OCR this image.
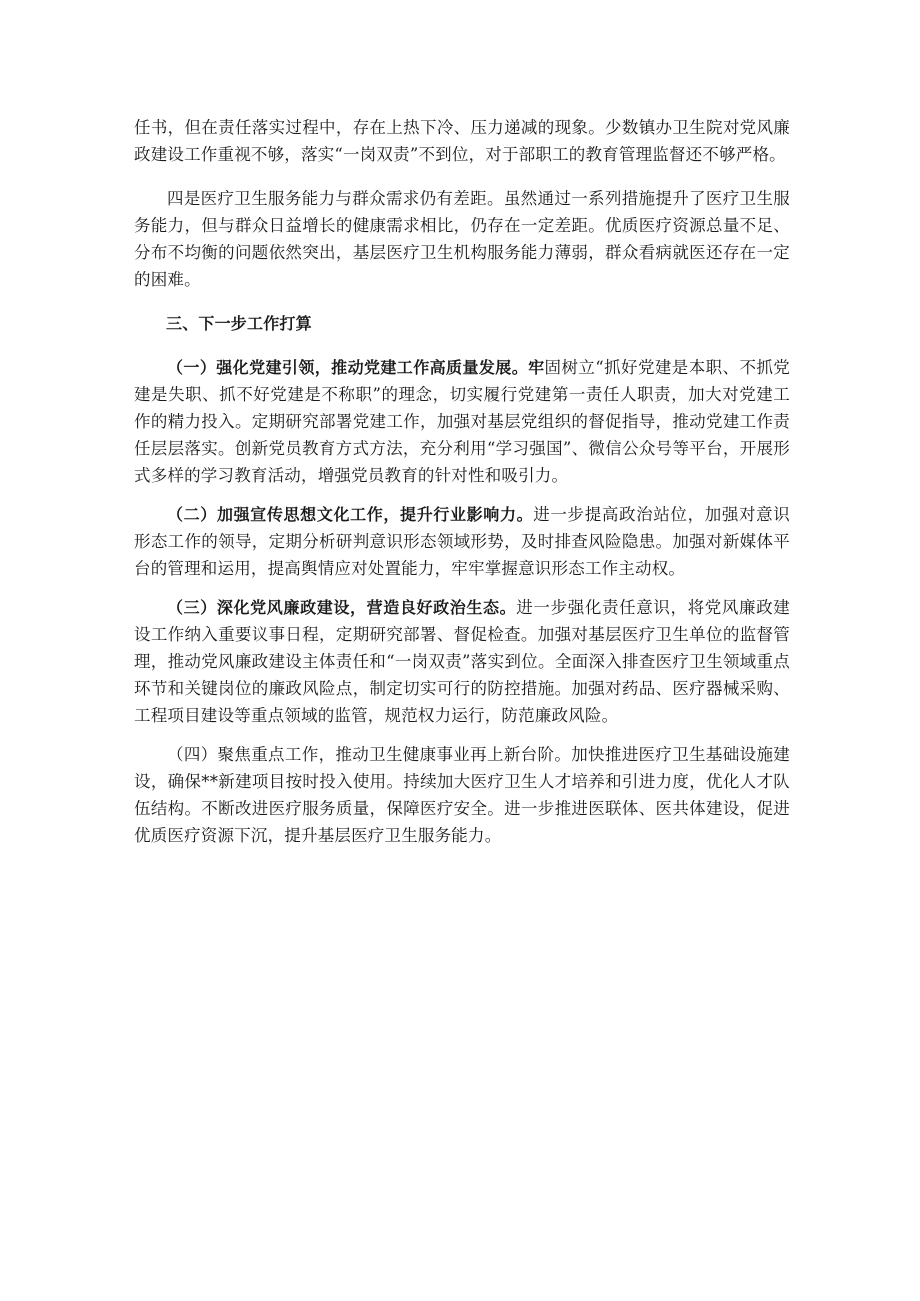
任书，但在责任落实过程中，存在上热下冷、压力递减的现象。少数镇办卫生院对党风廉政建设工作重视不够，落实“一岗双责”不到位，对于部职工的教育管理监督还不够严格。

四是医疗卫生服务能力与群众需求仍有差距。虽然通过一系列措施提升了医疗卫生服务能力，但与群众日益增长的健康需求相比，仍存在一定差距。优质医疗资源总量不足、分布不均衡的问题依然突出，基层医疗卫生机构服务能力薄弱，群众看病就医还存在一定的困难。

三、下一步工作打算

（一）强化党建引领，推动党建工作高质量发展。牢固树立“抓好党建是本职、不抓党建是失职、抓不好党建是不称职”的理念，切实履行党建第一责任人职责，加大对党建工作的精力投入。定期研究部署党建工作，加强对基层党组织的督促指导，推动党建工作责任层层落实。创新党员教育方式方法，充分利用“学习强国”、微信公众号等平台，开展形式多样的学习教育活动，增强党员教育的针对性和吸引力。

（二）加强宣传思想文化工作，提升行业影响力。进一步提高政治站位，加强对意识形态工作的领导，定期分析研判意识形态领域形势，及时排查风险隐患。加强对新媒体平台的管理和运用，提高舆情应对处置能力，牢牢掌握意识形态工作主动权。

（三）深化党风廉政建设，营造良好政治生态。进一步强化责任意识，将党风廉政建设工作纳入重要议事日程，定期研究部署、督促检查。加强对基层医疗卫生单位的监督管理，推动党风廉政建设主体责任和“一岗双责”落实到位。全面深入排查医疗卫生领域重点环节和关键岗位的廉政风险点，制定切实可行的防控措施。加强对药品、医疗器械采购、工程项目建设等重点领域的监管，规范权力运行，防范廉政风险。

（四）聚焦重点工作，推动卫生健康事业再上新台阶。加快推进医疗卫生基础设施建设，确保**新建项目按时投入使用。持续加大医疗卫生人才培养和引进力度，优化人才队伍结构。不断改进医疗服务质量，保障医疗安全。进一步推进医联体、医共体建设，促进优质医疗资源下沉，提升基层医疗卫生服务能力。
